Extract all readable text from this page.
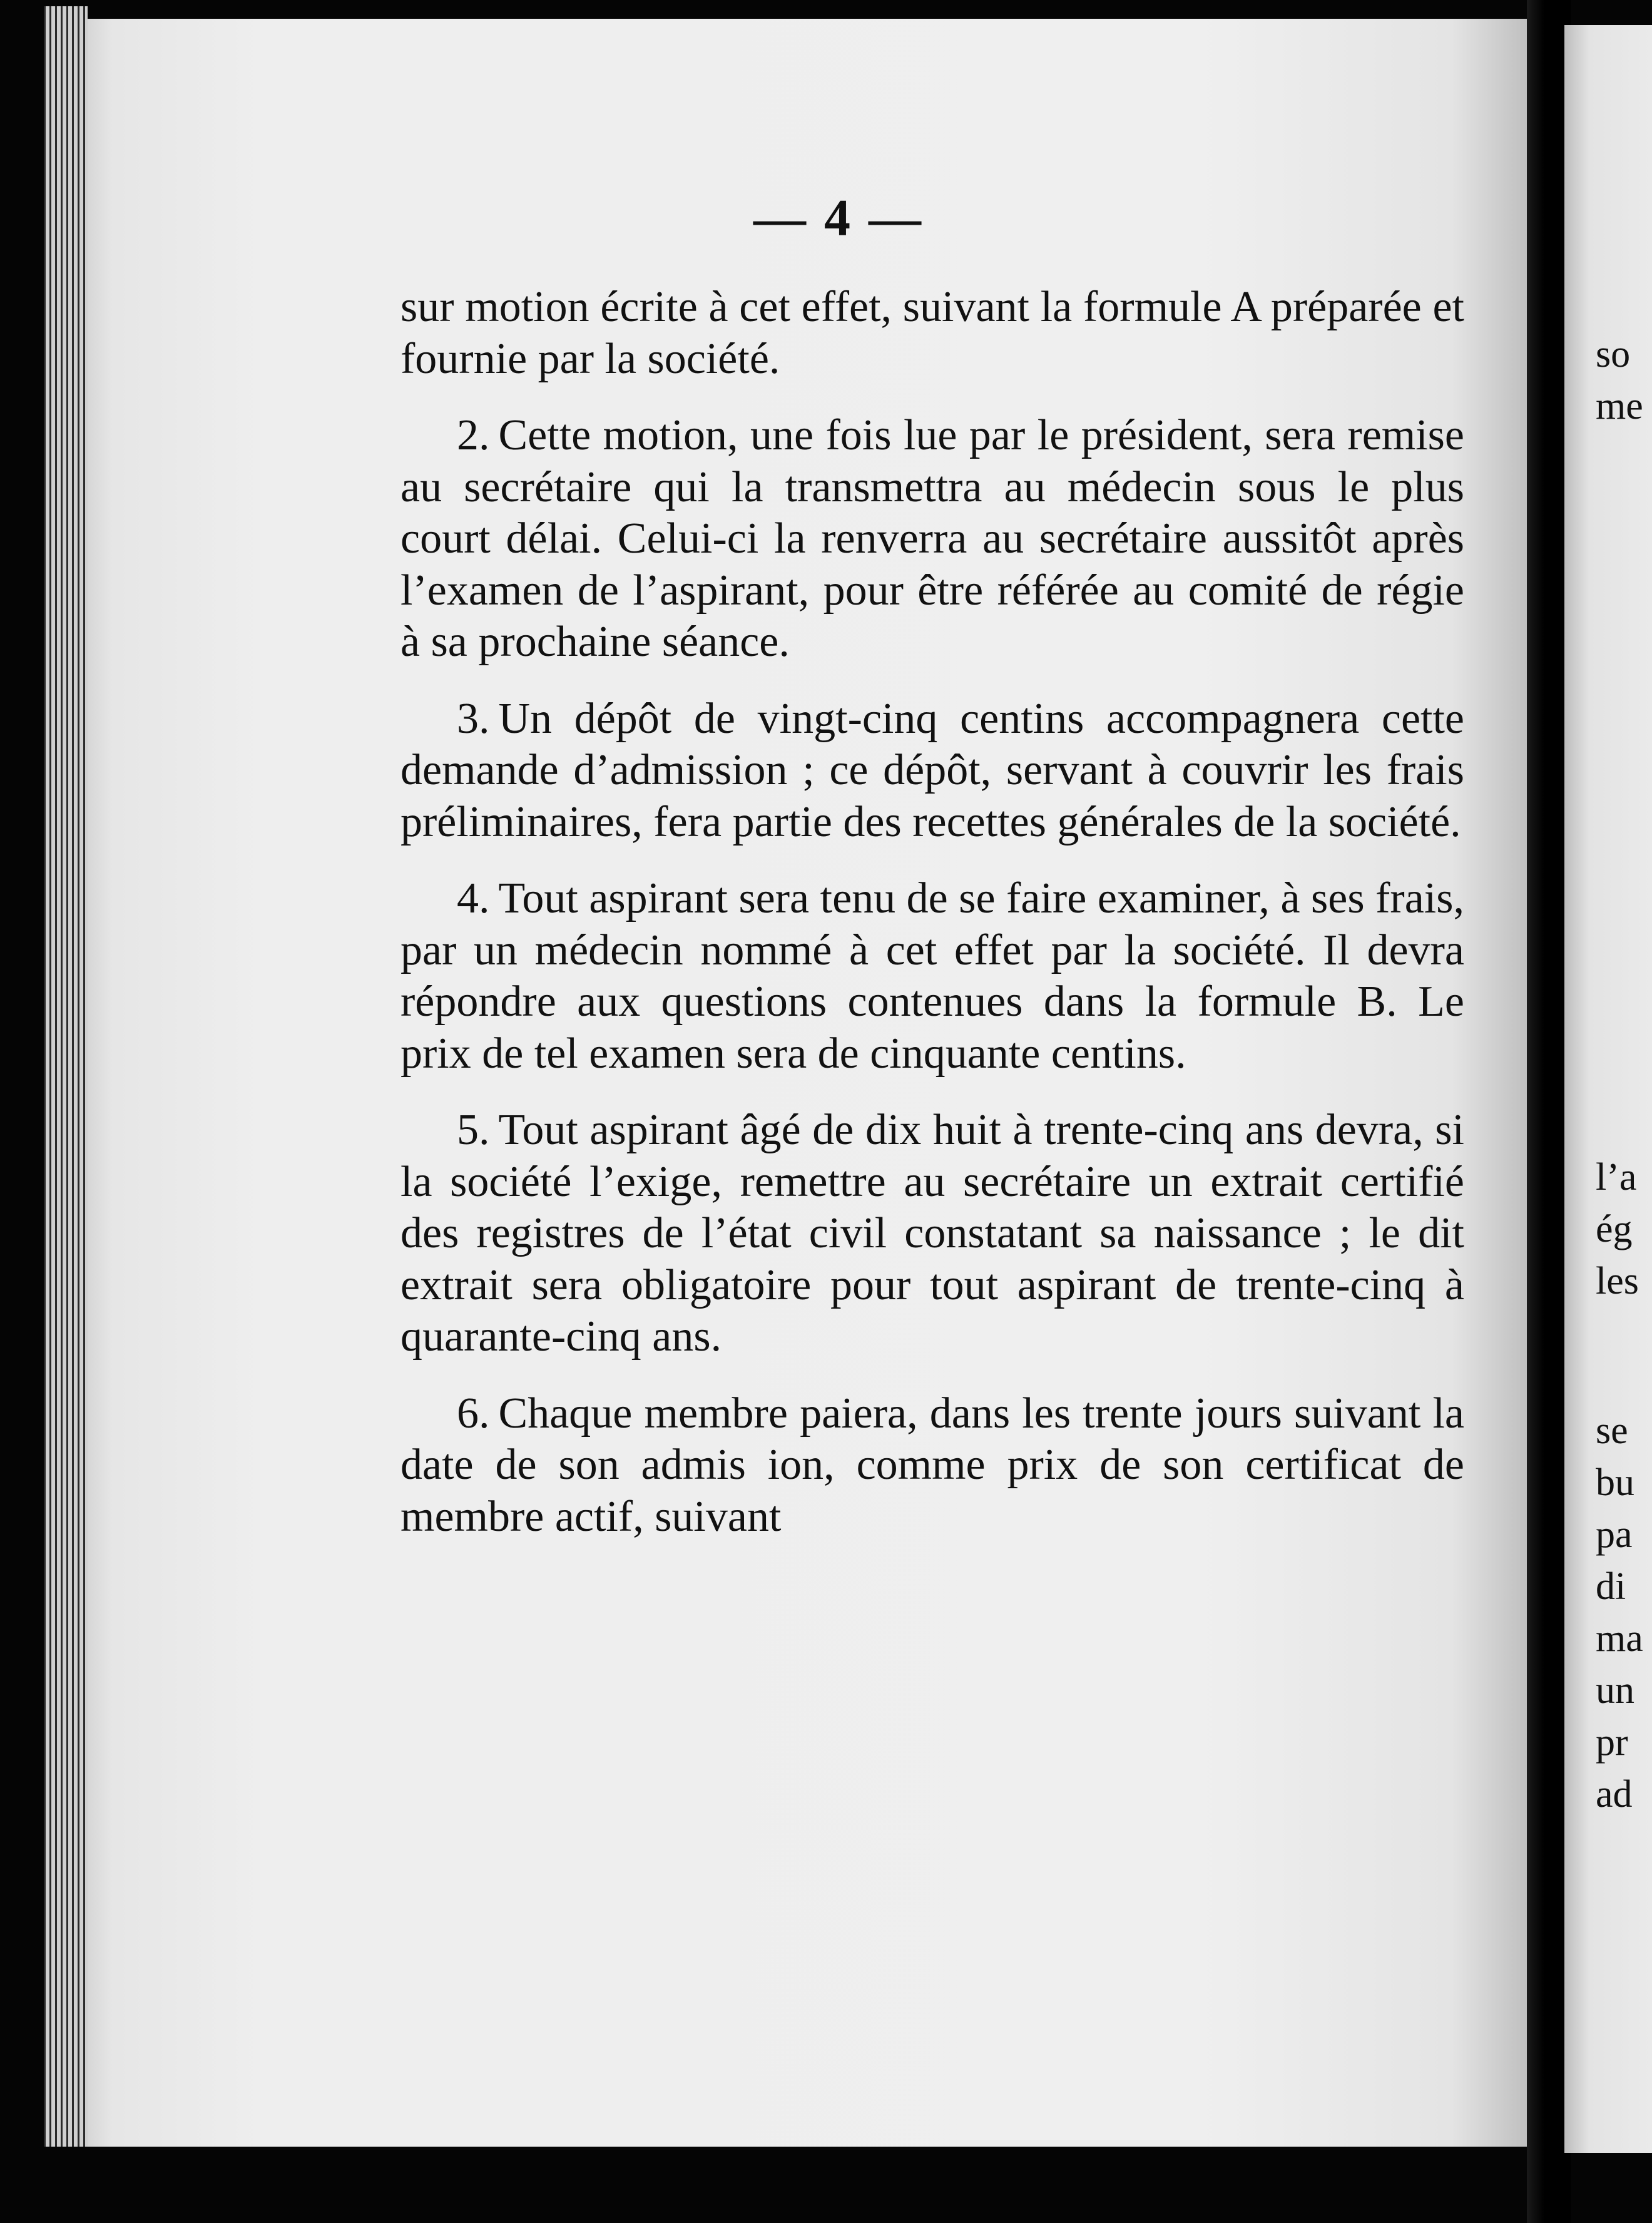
so
me
l’a
ég
les
se
bu
pa
di
ma
un
pr
ad
— 4 —

sur motion écrite à cet effet, suivant la formule A préparée et fournie par la société.

2. Cette motion, une fois lue par le président, sera remise au secrétaire qui la transmettra au médecin sous le plus court délai. Celui-ci la renverra au secrétaire aussitôt après l’examen de l’aspirant, pour être référée au comité de régie à sa prochaine séance.

3. Un dépôt de vingt-cinq centins accompagnera cette demande d’admission ; ce dépôt, servant à couvrir les frais préliminaires, fera partie des recettes générales de la société.

4. Tout aspirant sera tenu de se faire examiner, à ses frais, par un médecin nommé à cet effet par la société. Il devra répondre aux questions contenues dans la formule B. Le prix de tel examen sera de cinquante centins.

5. Tout aspirant âgé de dix huit à trente-cinq ans devra, si la société l’exige, remettre au secrétaire un extrait certifié des registres de l’état civil constatant sa naissance ; le dit extrait sera obligatoire pour tout aspirant de trente-cinq à quarante-cinq ans.

6. Chaque membre paiera, dans les trente jours suivant la date de son admis ion, comme prix de son certificat de membre actif, suivant
